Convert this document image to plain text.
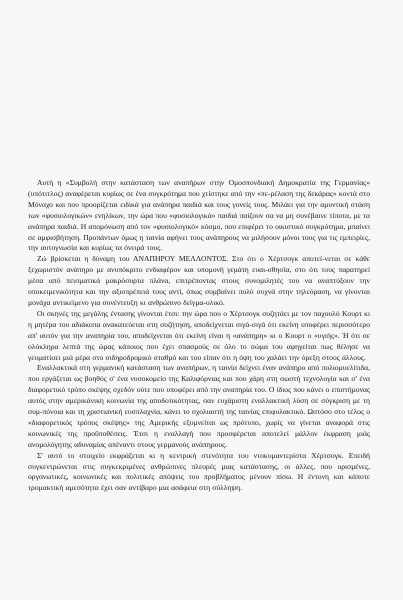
Αυτή η «Συμβολή στην κατάσταση των αναπήρων στην Ομοσπονδιακή Δημοκρατία της Γερμανίας» (υπότιτλος) αναφέρεται κυρίως σε ένα συγκρότημα που χτίστηκε από την «πε-ρέλαση της δεκάρας» κοντά στο Μόναχο και που προορίζεται ειδικά για ανάπηρα παιδιά και τους γονείς τους. Μιλάει για την αμυντική στάση των «φυσιολογικών» ενηλίκων, την ώρα που «φυσιολογικά» παιδιά παίζουν σα να μη συνέβαινε τίποτα, με τα ανάπηρα παιδιά. Η απομόνωση από τον «φυσιολογικό» κόσμο, που επιφέρει το οικιστικό συγκρότημα, μπαίνει σε αμφισβήτηση. Προπάντων όμως η ταινία αφήνει τους ανάπηρους να μιλήσουν μόνοι τους για τις εμπειρίες, την αυτογνωσία και κυρίως τα όνειρά τους.

Ζώ βρίσκεται η δύναμη του ΑΝΑΠΗΡΟΥ ΜΕΛΛΟΝΤΟΣ. Στο ότι ο Χέρτσογκ αποτεί-νεται σε κάθε ξεχωριστόν ανάπηρο με ανυπόκριτο ενδιαφέρον και υπομονή γεμάτη ευαι-σθησία, στο ότι τους παρατηρεί μέσα από πεισματικά μακρόσυρτα πλάνα, επιτρέποντας στους συνομιλητές του να αναπτύξουν την υποκειμενικότητα και την αξιοπρέπειά τους αντί, όπως συμβαίνει πολύ συχνά στην τηλεόραση, να γίνονται μονάχα αντικείμενο για συνέντευξη κι ανθρώπινο δείγμα-υλικό.

Οι σκηνές της μεγάλης έντασης γίνονται έτσι: την ώρα που ο Χέρτσογκ συζητάει με τον παχουλό Κουρτ κι η μητέρα του αδιάκοπα ανακατεύεται στη συζήτηση, αποδείχνεται σιγά-σιγά ότι εκείνη υποφέρει περισσότερο απ' αυτόν για την αναπηρία του, αποδείχνεται ότι εκείνη είναι η «ανάπηρη» κι ο Κουρτ ο «υγιής». Ή ότι σε ολόκληρα λεπτά της ώρας κάποιος που έχει σπασμούς σε όλο το σώμα του αφηγείται πως θέλησε να γευματίσει μιά μέρα στο σιδηροδρομικό σταθμό και του είπαν ότι η όψη του χαλάει την όρεξη στους άλλους.

Εναλλακτικά στη γερμανική κατάσταση των αναπήρων, η ταινία δείχνει έναν ανάπηρο από πολιομυελίτιδα, που εργάζεται ως βοηθός σ' ένα νοσοκομείο της Καλιφόρνιας και που χάρη στη σωστή τεχνολογία και σ' ένα διαφορετικό τρόπο σκέψης σχεδόν ούτε που υποφέρει από την αναπηρία του. Ο ίδιος που κάνει ο επιστήμονας αυτός στην αμερικάνικη κοινωνία της αποδοτικότητας, σαν ευχάριστη εναλλακτική λύση σε σύγκριση με τη συμ-πόνοια και τη χριστιανική ευσπλαχνία, κάνει το σχολιαστή της ταινίας επιφυλακτικό. Ωστόσο στο τέλος ο «διαφορετικός τρόπος σκέψης» της Αμερικής εξυμνείται ως πρότυπο, χωρίς να γίνεται αναφορά στις κοινωνικές της προϋποθέσεις. Έτσι η εναλλαγή που προσφέρεται αποτελεί μάλλον έκφραση μιάς ανομολόγητης αδυναμίας απέναντι στους γερμανούς ανάπηρους.

Σ' αυτό το στοιχείο εκφράζεται κι η κεντρική στενότητα του ντοκυμαντερίστα Χέρτσογκ. Επειδή συγκεντρώνεται στις συγκεκριμένες ανθρώπινες πλευρές μιας κατάστασης, οι άλλες, που ορισμένες, οργανωτικές, κοινωνικές και πολιτικές απόψεις του προβλήματος μένουν πίσω. Η έντονη και κάποτε τρομακτική αμεσότητα έχει σαν αντίβαρο μια ασάφεια στη σύλληψη.
